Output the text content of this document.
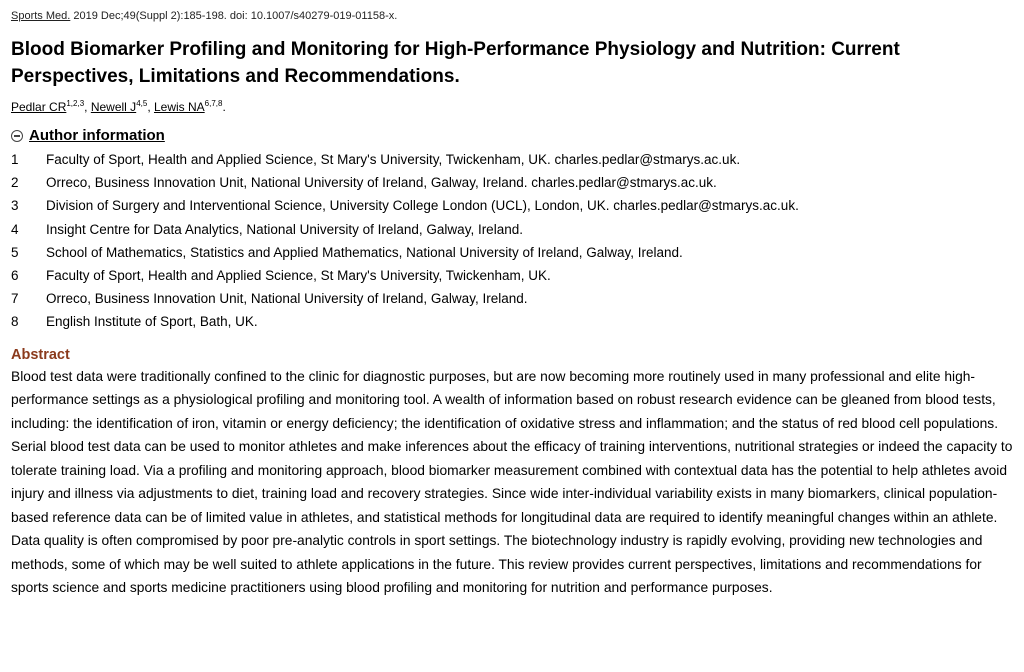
Sports Med. 2019 Dec;49(Suppl 2):185-198. doi: 10.1007/s40279-019-01158-x.
Blood Biomarker Profiling and Monitoring for High-Performance Physiology and Nutrition: Current Perspectives, Limitations and Recommendations.
Pedlar CR$^{1,2,3}$, Newell J$^{4,5}$, Lewis NA$^{6,7,8}$.
Author information
1	Faculty of Sport, Health and Applied Science, St Mary's University, Twickenham, UK. charles.pedlar@stmarys.ac.uk.
2	Orreco, Business Innovation Unit, National University of Ireland, Galway, Ireland. charles.pedlar@stmarys.ac.uk.
3	Division of Surgery and Interventional Science, University College London (UCL), London, UK. charles.pedlar@stmarys.ac.uk.
4	Insight Centre for Data Analytics, National University of Ireland, Galway, Ireland.
5	School of Mathematics, Statistics and Applied Mathematics, National University of Ireland, Galway, Ireland.
6	Faculty of Sport, Health and Applied Science, St Mary's University, Twickenham, UK.
7	Orreco, Business Innovation Unit, National University of Ireland, Galway, Ireland.
8	English Institute of Sport, Bath, UK.
Abstract
Blood test data were traditionally confined to the clinic for diagnostic purposes, but are now becoming more routinely used in many professional and elite high-performance settings as a physiological profiling and monitoring tool. A wealth of information based on robust research evidence can be gleaned from blood tests, including: the identification of iron, vitamin or energy deficiency; the identification of oxidative stress and inflammation; and the status of red blood cell populations. Serial blood test data can be used to monitor athletes and make inferences about the efficacy of training interventions, nutritional strategies or indeed the capacity to tolerate training load. Via a profiling and monitoring approach, blood biomarker measurement combined with contextual data has the potential to help athletes avoid injury and illness via adjustments to diet, training load and recovery strategies. Since wide inter-individual variability exists in many biomarkers, clinical population-based reference data can be of limited value in athletes, and statistical methods for longitudinal data are required to identify meaningful changes within an athlete. Data quality is often compromised by poor pre-analytic controls in sport settings. The biotechnology industry is rapidly evolving, providing new technologies and methods, some of which may be well suited to athlete applications in the future. This review provides current perspectives, limitations and recommendations for sports science and sports medicine practitioners using blood profiling and monitoring for nutrition and performance purposes.
